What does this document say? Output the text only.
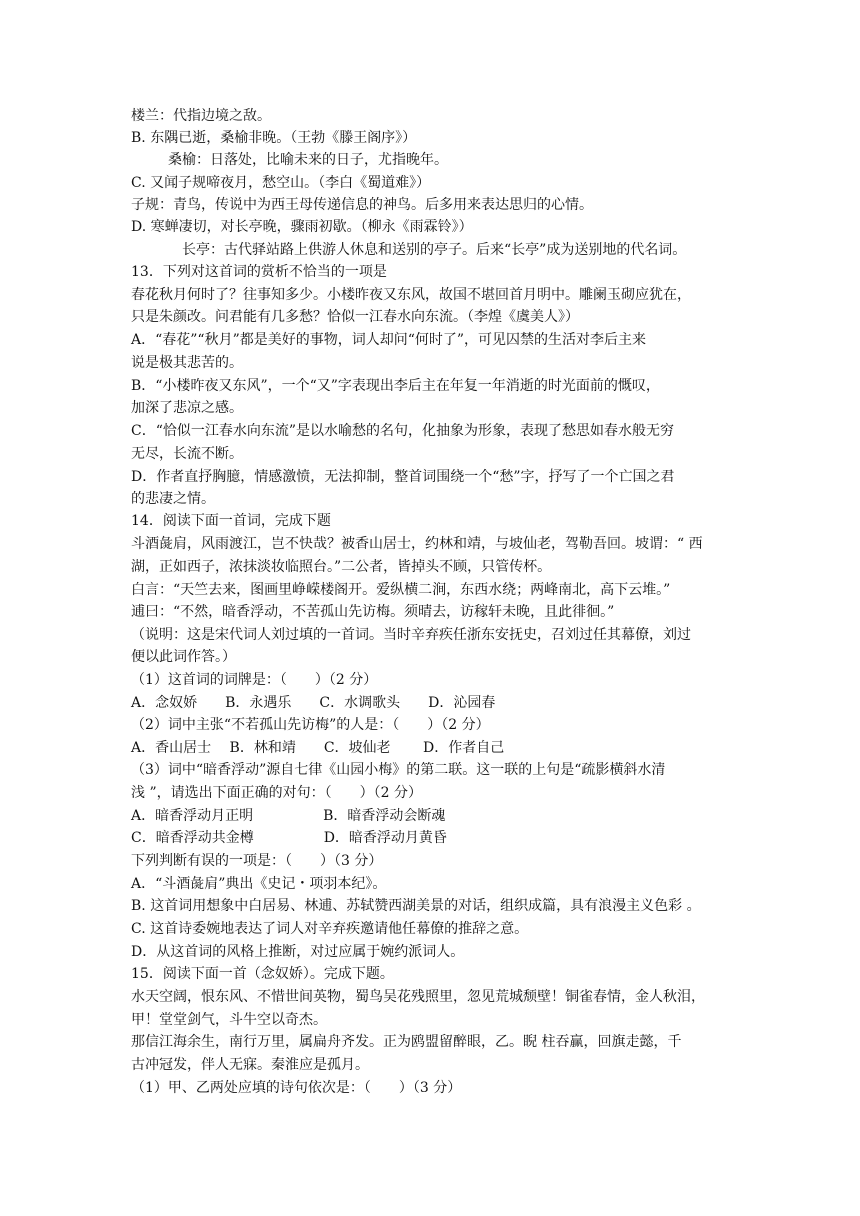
楼兰：代指边境之敌。
B. 东隅已逝，桑榆非晚。（王勃《滕王阁序》）
桑榆：日落处，比喻未来的日子，尤指晚年。
C. 又闻子规啼夜月，愁空山。（李白《蜀道难》）
子规：青鸟，传说中为西王母传递信息的神鸟。后多用来表达思归的心情。
D. 寒蝉凄切，对长亭晚，骤雨初歇。（柳永《雨霖铃》）
长亭：古代驿站路上供游人休息和送别的亭子。后来“长亭”成为送别地的代名词。
13．下列对这首词的赏析不恰当的一项是
春花秋月何时了？往事知多少。小楼昨夜又东风，故国不堪回首月明中。雕阑玉砌应犹在，
只是朱颜改。问君能有几多愁？恰似一江春水向东流。（李煌《虞美人》）
A．“春花”“秋月”都是美好的事物，词人却问“何时了”，可见囚禁的生活对李后主来
说是极其悲苦的。
B．“小楼昨夜又东风”，一个“又”字表现出李后主在年复一年消逝的时光面前的慨叹，
加深了悲凉之感。
C．“恰似一江春水向东流”是以水喻愁的名句，化抽象为形象，表现了愁思如春水般无穷
无尽，长流不断。
D．作者直抒胸臆，情感激愤，无法抑制，整首词围绕一个“愁”字，抒写了一个亡国之君
的悲凄之情。
14．阅读下面一首词，完成下题
斗酒彘肩，风雨渡江，岂不快哉？被香山居士，约林和靖，与坡仙老，驾勒吾回。坡谓：“ 西
湖，正如西子，浓抹淡妆临照台。”二公者，皆掉头不顾，只管传杯。
白言：“天竺去来，图画里峥嵘楼阁开。爱纵横二涧，东西水绕；两峰南北，高下云堆。”
逋曰：“不然，暗香浮动，不苦孤山先访梅。须晴去，访稼轩未晚，且此徘徊。”
（说明：这是宋代词人刘过填的一首词。当时辛弃疾任浙东安抚史，召刘过任其幕僚，刘过
便以此词作答。）
（1）这首词的词牌是：（　　）（2 分）
A．念奴娇　　B．永遇乐　　C．水调歌头　　D．沁园春
（2）词中主张“不若孤山先访梅”的人是：（　　）（2 分）
A．香山居士　 B．林和靖　　C．坡仙老　　 D．作者自己
（3）词中“暗香浮动”源自七律《山园小梅》的第二联。这一联的上句是“疏影横斜水清
浅 ”，请选出下面正确的对句：（　　）（2 分）
A．暗香浮动月正明　　　　　B．暗香浮动会断魂
C．暗香浮动共金樽　　　　　D．暗香浮动月黄昏
下列判断有误的一项是：（　　）（3 分）
A．“斗酒彘肩”典出《史记・项羽本纪》。
B. 这首词用想象中白居易、林逋、苏轼赞西湖美景的对话，组织成篇，具有浪漫主义色彩 。
C. 这首诗委婉地表达了词人对辛弃疾邀请他任幕僚的推辞之意。
D．从这首词的风格上推断，对过应属于婉约派词人。
15．阅读下面一首（念奴娇）。完成下题。
水天空阔，恨东风、不惜世间英物，蜀鸟吴花残照里，忽见荒城颓壁！铜雀春情，金人秋泪，
甲！堂堂剑气，斗牛空以奇杰。
那信江海余生，南行万里，属扁舟齐发。正为鸥盟留醉眼，乙。睨 柱吞赢，回旗走懿，千
古冲冠发，伴人无寐。秦淮应是孤月。
（1）甲、乙两处应填的诗句依次是：（　　）（3 分）
